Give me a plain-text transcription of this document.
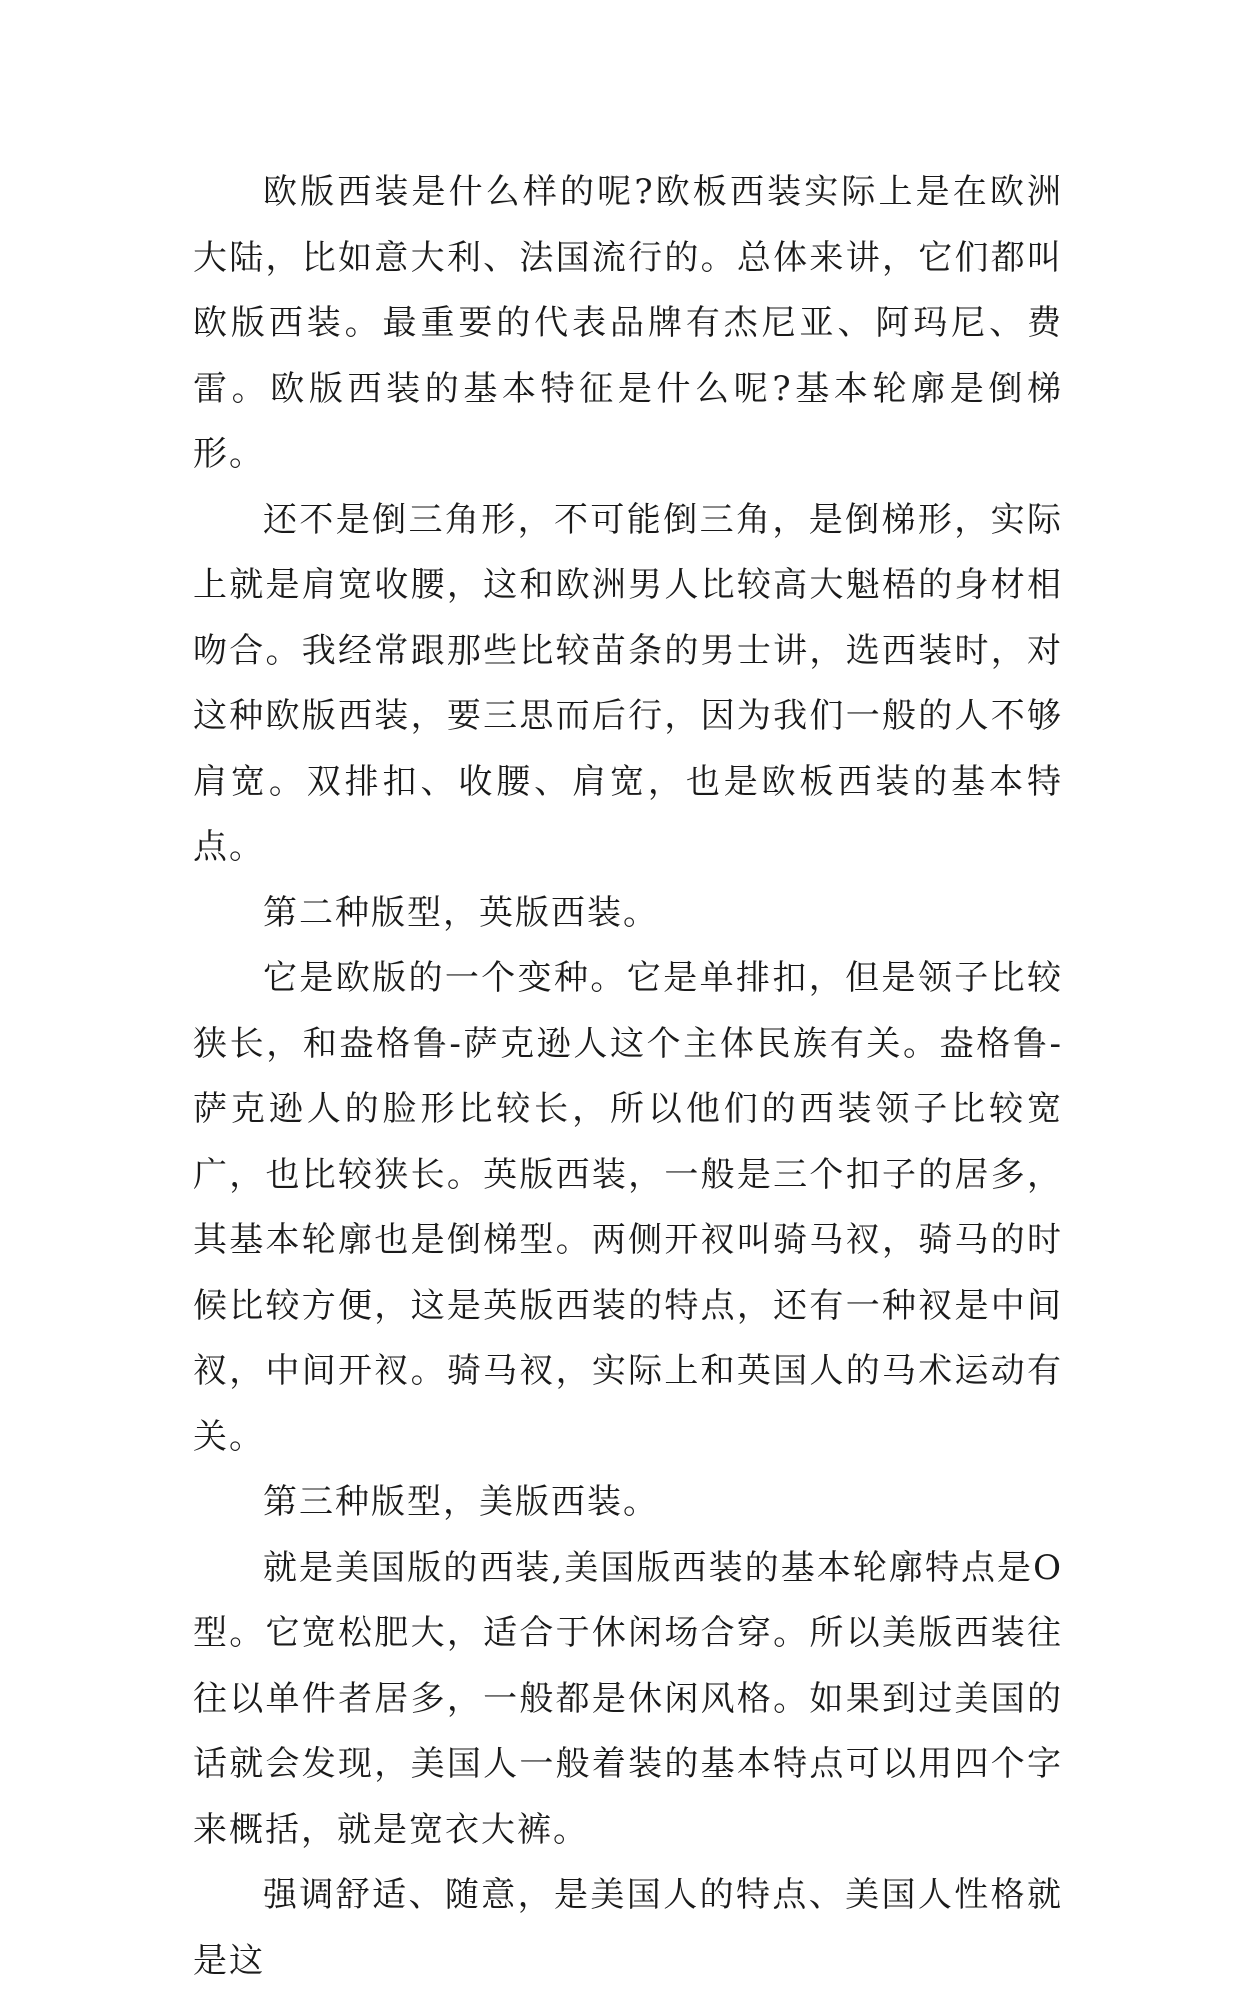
欧版西装是什么样的呢?欧板西装实际上是在欧洲大陆，比如意大利、法国流行的。总体来讲，它们都叫欧版西装。最重要的代表品牌有杰尼亚、阿玛尼、费雷。欧版西装的基本特征是什么呢?基本轮廓是倒梯形。

还不是倒三角形，不可能倒三角，是倒梯形，实际上就是肩宽收腰，这和欧洲男人比较高大魁梧的身材相吻合。我经常跟那些比较苗条的男士讲，选西装时，对这种欧版西装，要三思而后行，因为我们一般的人不够肩宽。双排扣、收腰、肩宽，也是欧板西装的基本特点。

第二种版型，英版西装。

它是欧版的一个变种。它是单排扣，但是领子比较狭长，和盎格鲁-萨克逊人这个主体民族有关。盎格鲁-萨克逊人的脸形比较长，所以他们的西装领子比较宽广，也比较狭长。英版西装，一般是三个扣子的居多，其基本轮廓也是倒梯型。两侧开衩叫骑马衩，骑马的时候比较方便，这是英版西装的特点，还有一种衩是中间衩，中间开衩。骑马衩，实际上和英国人的马术运动有关。

第三种版型，美版西装。

就是美国版的西装,美国版西装的基本轮廓特点是O型。它宽松肥大，适合于休闲场合穿。所以美版西装往往以单件者居多，一般都是休闲风格。如果到过美国的话就会发现，美国人一般着装的基本特点可以用四个字来概括，就是宽衣大裤。

强调舒适、随意，是美国人的特点、美国人性格就是这
